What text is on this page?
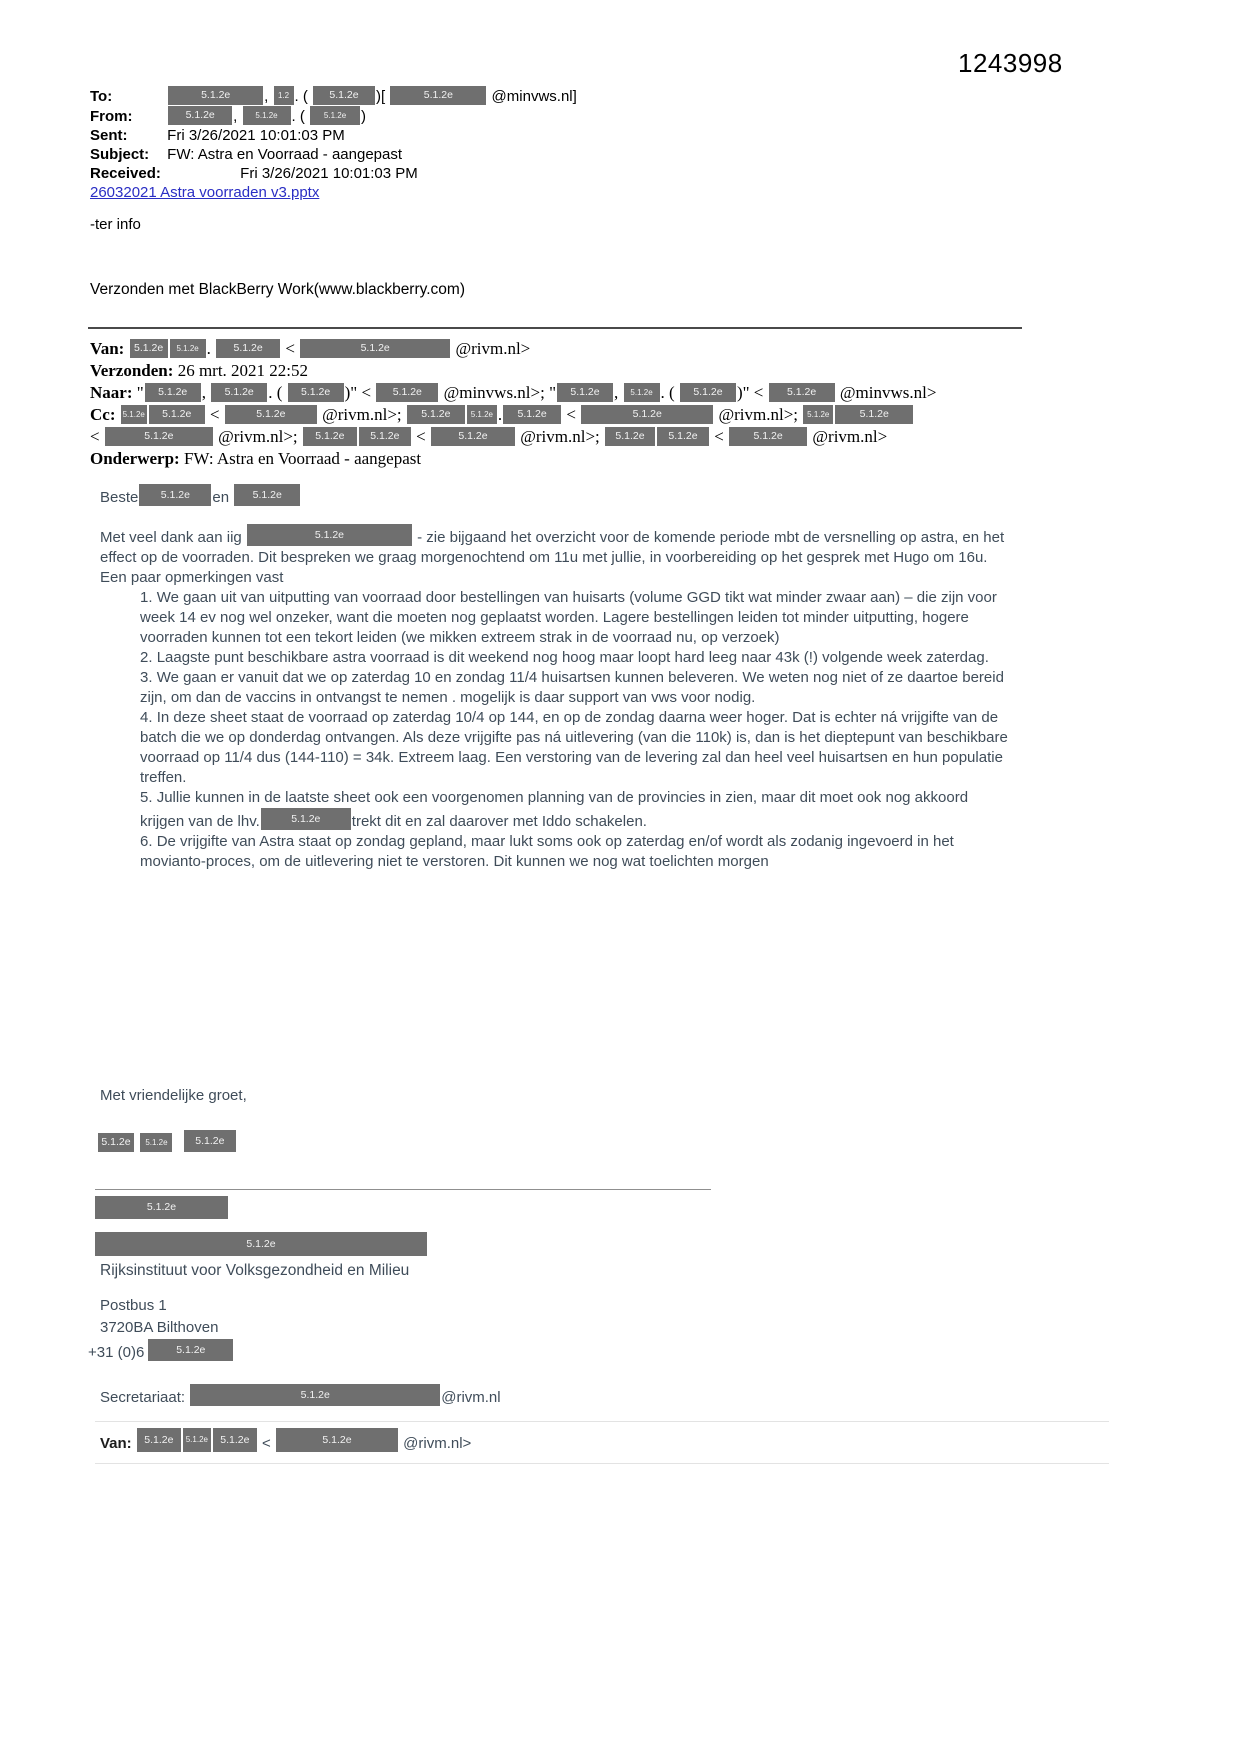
1243998
To:	5.1.2e , 1.2 . ( 5.1.2e )[	5.1.2e	@minvws.nl]
From:	5.1.2e , 5.1.2e . ( 5.1.2e )
Sent:	Fri 3/26/2021 10:01:03 PM
Subject: FW: Astra en Voorraad - aangepast
Received:	Fri 3/26/2021 10:01:03 PM
26032021 Astra voorraden v3.pptx
-ter info
Verzonden met BlackBerry Work(www.blackberry.com)
Van: 5.1.2e 5.1.2e . 5.1.2e <	5.1.2e	@rivm.nl>
Verzonden: 26 mrt. 2021 22:52
Naar: " 5.1.2e , 5.1.2e . ( 5.1.2e )" < 5.1.2e @minvws.nl>; " 5.1.2e , 5.1.2e . ( 5.1.2e )" < 5.1.2e @minvws.nl>
Cc: 5.1.2e 5.1.2e <	5.1.2e @rivm.nl>; 5.1.2e	5.1.2e . 5.1.2e <	5.1.2e	@rivm.nl>; 5.1.2e	5.1.2e
<	5.1.2e	@rivm.nl>; 5.1.2e 5.1.2e <	5.1.2e @rivm.nl>; 5.1.2e 5.1.2e <	5.1.2e @rivm.nl>
Onderwerp: FW: Astra en Voorraad - aangepast
Beste 5.1.2e en 5.1.2e
Met veel dank aan iig	5.1.2e	- zie bijgaand het overzicht voor de komende periode mbt de versnelling op astra, en het effect op de voorraden. Dit bespreken we graag morgenochtend om 11u met jullie, in voorbereiding op het gesprek met Hugo om 16u. Een paar opmerkingen vast
1. We gaan uit van uitputting van voorraad door bestellingen van huisarts (volume GGD tikt wat minder zwaar aan) – die zijn voor week 14 ev nog wel onzeker, want die moeten nog geplaatst worden. Lagere bestellingen leiden tot minder uitputting, hogere voorraden kunnen tot een tekort leiden (we mikken extreem strak in de voorraad nu, op verzoek)
2. Laagste punt beschikbare astra voorraad is dit weekend nog hoog maar loopt hard leeg naar 43k (!) volgende week zaterdag.
3. We gaan er vanuit dat we op zaterdag 10 en zondag 11/4 huisartsen kunnen beleveren. We weten nog niet of ze daartoe bereid zijn, om dan de vaccins in ontvangst te nemen . mogelijk is daar support van vws voor nodig.
4. In deze sheet staat de voorraad op zaterdag 10/4 op 144, en op de zondag daarna weer hoger. Dat is echter ná vrijgifte van de batch die we op donderdag ontvangen. Als deze vrijgifte pas ná uitlevering (van die 110k) is, dan is het dieptepunt van beschikbare voorraad op 11/4 dus (144-110) = 34k. Extreem laag. Een verstoring van de levering zal dan heel veel huisartsen en hun populatie treffen.
5. Jullie kunnen in de laatste sheet ook een voorgenomen planning van de provincies in zien, maar dit moet ook nog akkoord krijgen van de lhv.	5.1.2e trekt dit en zal daarover met Iddo schakelen.
6. De vrijgifte van Astra staat op zondag gepland, maar lukt soms ook op zaterdag en/of wordt als zodanig ingevoerd in het movianto-proces, om de uitlevering niet te verstoren. Dit kunnen we nog wat toelichten morgen
Met vriendelijke groet,
5.1.2e 5.1.2e	5.1.2e
5.1.2e
5.1.2e
Rijksinstituut voor Volksgezondheid en Milieu
Postbus 1
3720BA Bilthoven
+31 (0)6	5.1.2e
Secretariaat:	5.1.2e	@rivm.nl
Van: 5.1.2e 5.1.2e 5.1.2e <	5.1.2e	@rivm.nl>
